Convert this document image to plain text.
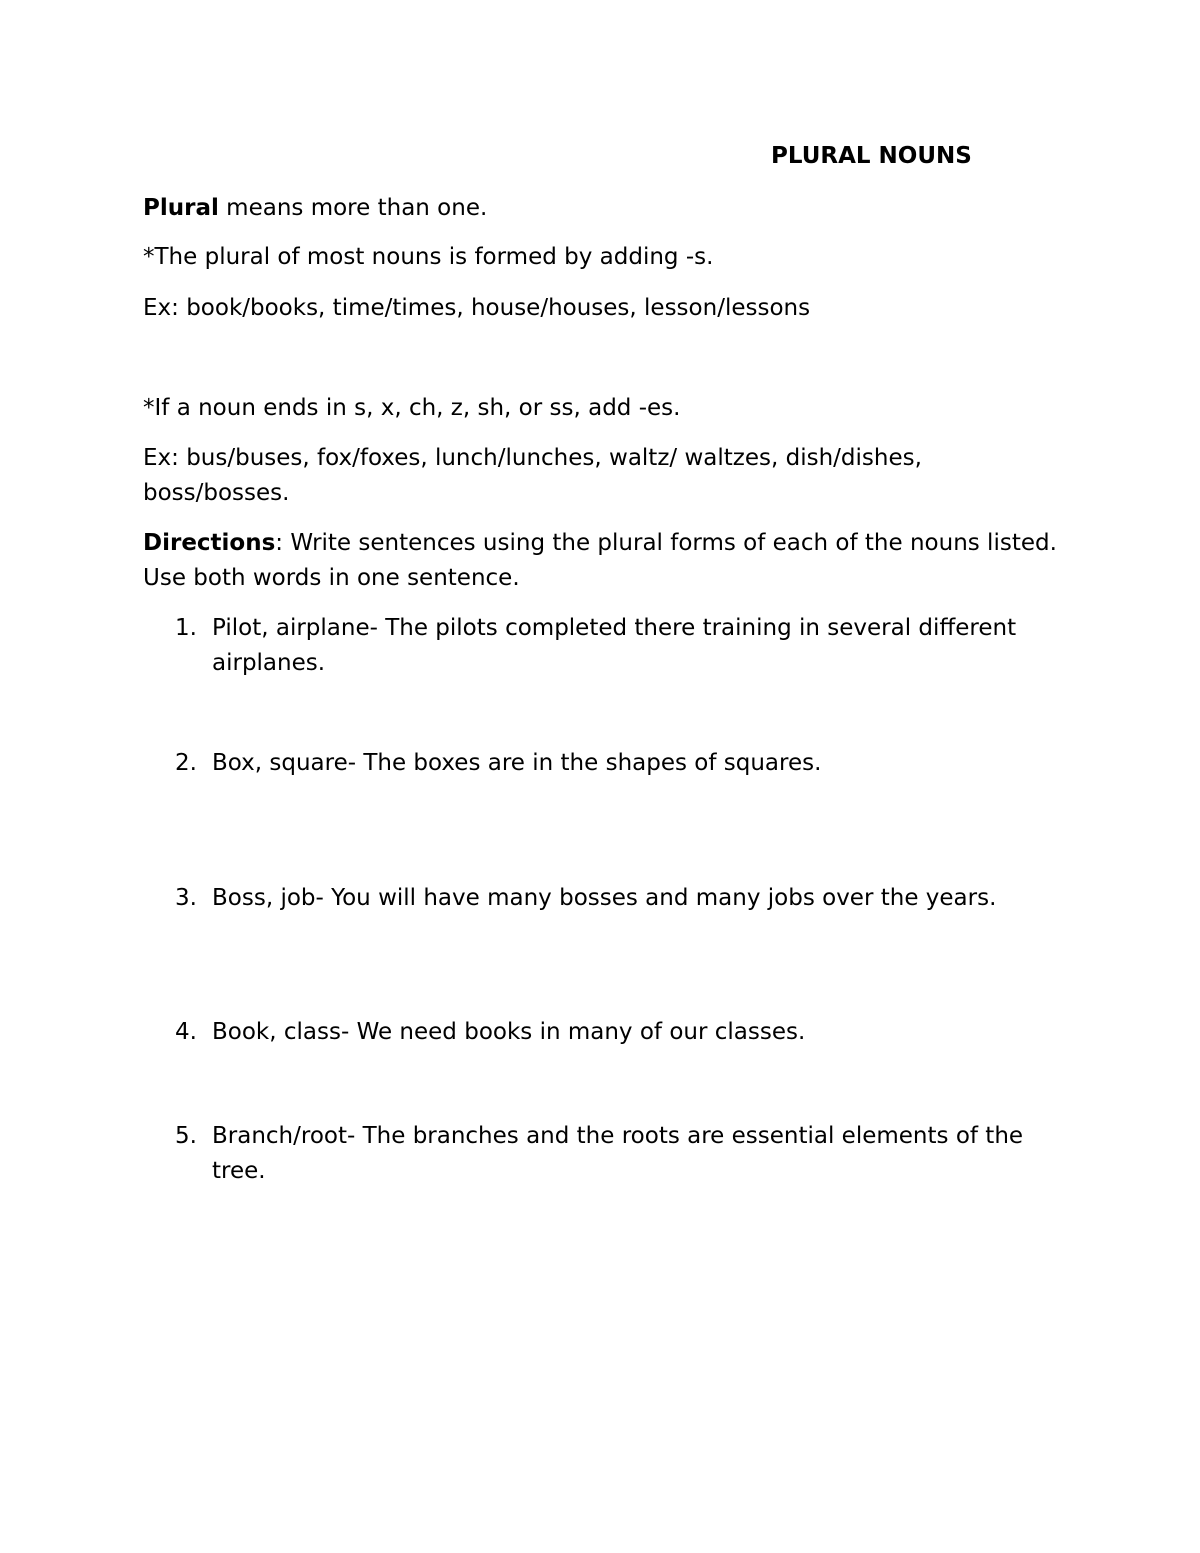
PLURAL NOUNS

Plural means more than one.

*The plural of most nouns is formed by adding -s.

Ex: book/books, time/times, house/houses, lesson/lessons

*If a noun ends in s, x, ch, z, sh, or ss, add -es.

Ex: bus/buses, fox/foxes, lunch/lunches, waltz/ waltzes, dish/dishes, boss/bosses.

Directions: Write sentences using the plural forms of each of the nouns listed. Use both words in one sentence.

1. Pilot, airplane- The pilots completed there training in several different airplanes.
2. Box, square- The boxes are in the shapes of squares.
3. Boss, job- You will have many bosses and many jobs over the years.
4. Book, class- We need books in many of our classes.
5. Branch/root- The branches and the roots are essential elements of the tree.
